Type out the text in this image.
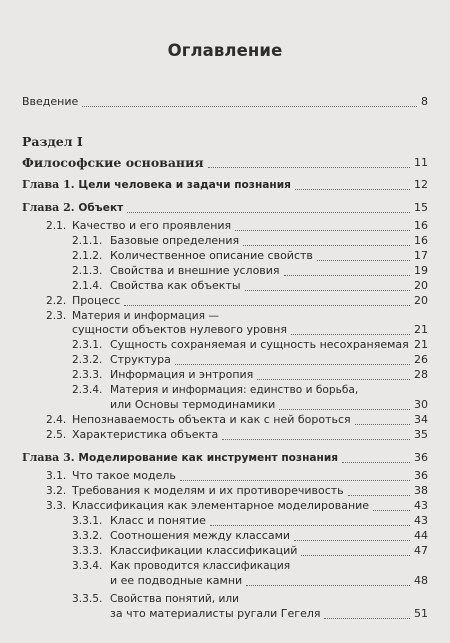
Оглавление
Введение	8
Раздел I
Философские основания	11
Глава 1. Цели человека и задачи познания	12
Глава 2. Объект	15
2.1. Качество и его проявления	16
2.1.1. Базовые определения	16
2.1.2. Количественное описание свойств	17
2.1.3. Свойства и внешние условия	19
2.1.4. Свойства как объекты	20
2.2. Процесс	20
2.3. Материя и информация —
сущности объектов нулевого уровня	21
2.3.1. Сущность сохраняемая и сущность несохраняемая 21
2.3.2. Структура	26
2.3.3. Информация и энтропия	28
2.3.4. Материя и информация: единство и борьба,
или Основы термодинамики	30
2.4. Непознаваемость объекта и как с ней бороться	34
2.5. Характеристика объекта	35
Глава 3. Моделирование как инструмент познания	36
3.1. Что такое модель	36
3.2. Требования к моделям и их противоречивость	38
3.3. Классификация как элементарное моделирование	43
3.3.1. Класс и понятие	43
3.3.2. Соотношения между классами	44
3.3.3. Классификации классификаций	47
3.3.4. Как проводится классификация
и ее подводные камни	48
3.3.5. Свойства понятий, или
за что материалисты ругали Гегеля	51
